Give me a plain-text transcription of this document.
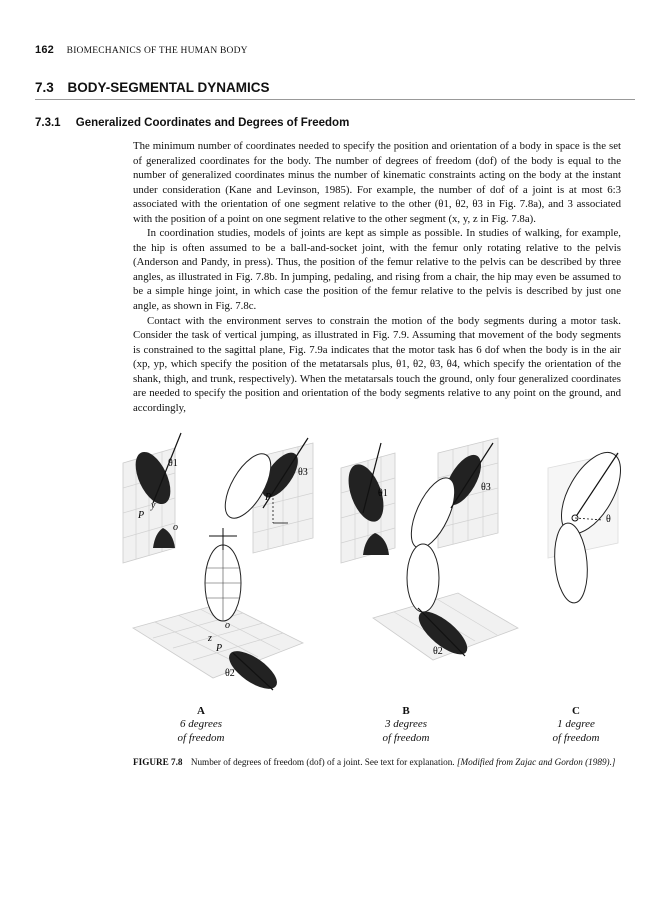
162 BIOMECHANICS OF THE HUMAN BODY
7.3 BODY-SEGMENTAL DYNAMICS
7.3.1 Generalized Coordinates and Degrees of Freedom

The minimum number of coordinates needed to specify the position and orientation of a body in space is the set of generalized coordinates for the body. The number of degrees of freedom (dof) of the body is equal to the number of generalized coordinates minus the number of kinematic constraints acting on the body at the instant under consideration (Kane and Levinson, 1985). For example, the number of dof of a joint is at most 6:3 associated with the orientation of one segment relative to the other (θ1, θ2, θ3 in Fig. 7.8a), and 3 associated with the position of a point on one segment relative to the other segment (x, y, z in Fig. 7.8a).

In coordination studies, models of joints are kept as simple as possible. In studies of walking, for example, the hip is often assumed to be a ball-and-socket joint, with the femur only rotating relative to the pelvis (Anderson and Pandy, in press). Thus, the position of the femur relative to the pelvis can be described by three angles, as illustrated in Fig. 7.8b. In jumping, pedaling, and rising from a chair, the hip may even be assumed to be a simple hinge joint, in which case the position of the femur relative to the pelvis is described by just one angle, as shown in Fig. 7.8c.

Contact with the environment serves to constrain the motion of the body segments during a motor task. Consider the task of vertical jumping, as illustrated in Fig. 7.9. Assuming that movement of the body segments is constrained to the sagittal plane, Fig. 7.9a indicates that the motor task has 6 dof when the body is in the air (xp, yp, which specify the position of the metatarsals plus, θ1, θ2, θ3, θ4, which specify the orientation of the shank, thigh, and trunk, respectively). When the metatarsals touch the ground, only four generalized coordinates are needed to specify the position and orientation of the body segments relative to any point on the ground, and accordingly,

θ1
θ3
θ2
P
y
o
P
o
z
P
θ1
θ3
θ2
θ
A
6 degrees
of freedom
B
3 degrees
of freedom
C
1 degree
of freedom
FIGURE 7.8 Number of degrees of freedom (dof) of a joint. See text for explanation. [Modified from Zajac and Gordon (1989).]
